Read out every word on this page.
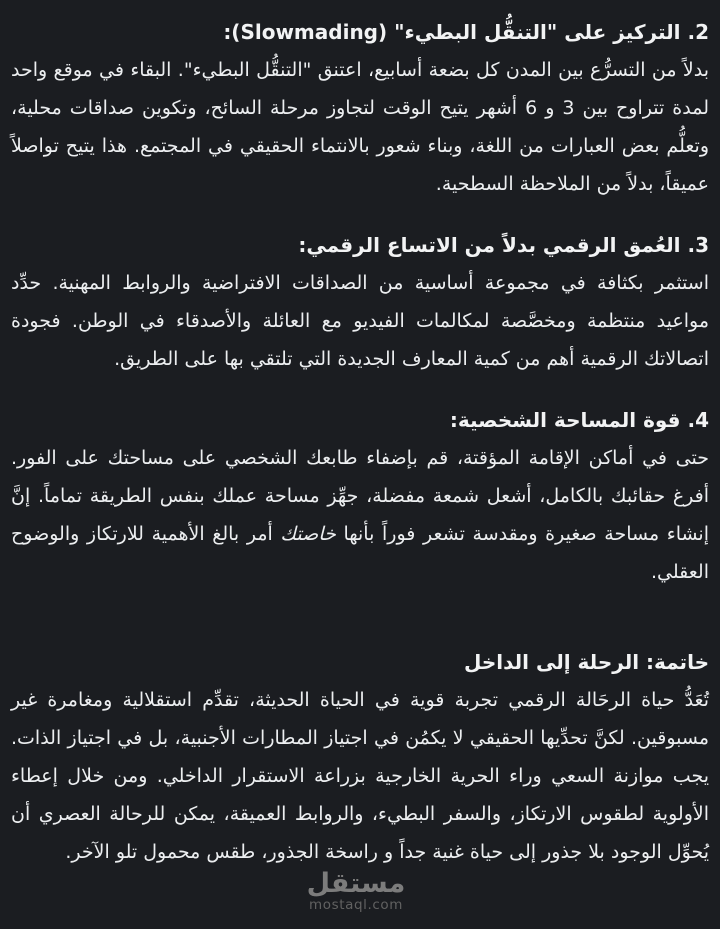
مستقل
mostaql.com
2. التركيز على "التنقُّل البطيء" (Slowmading):

بدلاً من التسرُّع بين المدن كل بضعة أسابيع، اعتنق "التنقُّل البطيء". البقاء في موقع واحد لمدة تتراوح بين 3 و 6 أشهر يتيح الوقت لتجاوز مرحلة السائح، وتكوين صداقات محلية، وتعلُّم بعض العبارات من اللغة، وبناء شعور بالانتماء الحقيقي في المجتمع. هذا يتيح تواصلاً عميقاً، بدلاً من الملاحظة السطحية.

3. العُمق الرقمي بدلاً من الاتساع الرقمي:

استثمر بكثافة في مجموعة أساسية من الصداقات الافتراضية والروابط المهنية. حدِّد مواعيد منتظمة ومخصَّصة لمكالمات الفيديو مع العائلة والأصدقاء في الوطن. فجودة اتصالاتك الرقمية أهم من كمية المعارف الجديدة التي تلتقي بها على الطريق.

4. قوة المساحة الشخصية:

حتى في أماكن الإقامة المؤقتة، قم بإضفاء طابعك الشخصي على مساحتك على الفور. أفرغ حقائبك بالكامل، أشعل شمعة مفضلة، جهِّز مساحة عملك بنفس الطريقة تماماً. إنَّ إنشاء مساحة صغيرة ومقدسة تشعر فوراً بأنها خاصتك أمر بالغ الأهمية للارتكاز والوضوح العقلي.

خاتمة: الرحلة إلى الداخل

تُعَدُّ حياة الرحَالة الرقمي تجربة قوية في الحياة الحديثة، تقدِّم استقلالية ومغامرة غير مسبوقين. لكنَّ تحدِّيها الحقيقي لا يكمُن في اجتياز المطارات الأجنبية، بل في اجتياز الذات. يجب موازنة السعي وراء الحرية الخارجية بزراعة الاستقرار الداخلي. ومن خلال إعطاء الأولوية لطقوس الارتكاز، والسفر البطيء، والروابط العميقة، يمكن للرحالة العصري أن يُحوِّل الوجود بلا جذور إلى حياة غنية جداً و راسخة الجذور، طقس محمول تلو الآخر.
